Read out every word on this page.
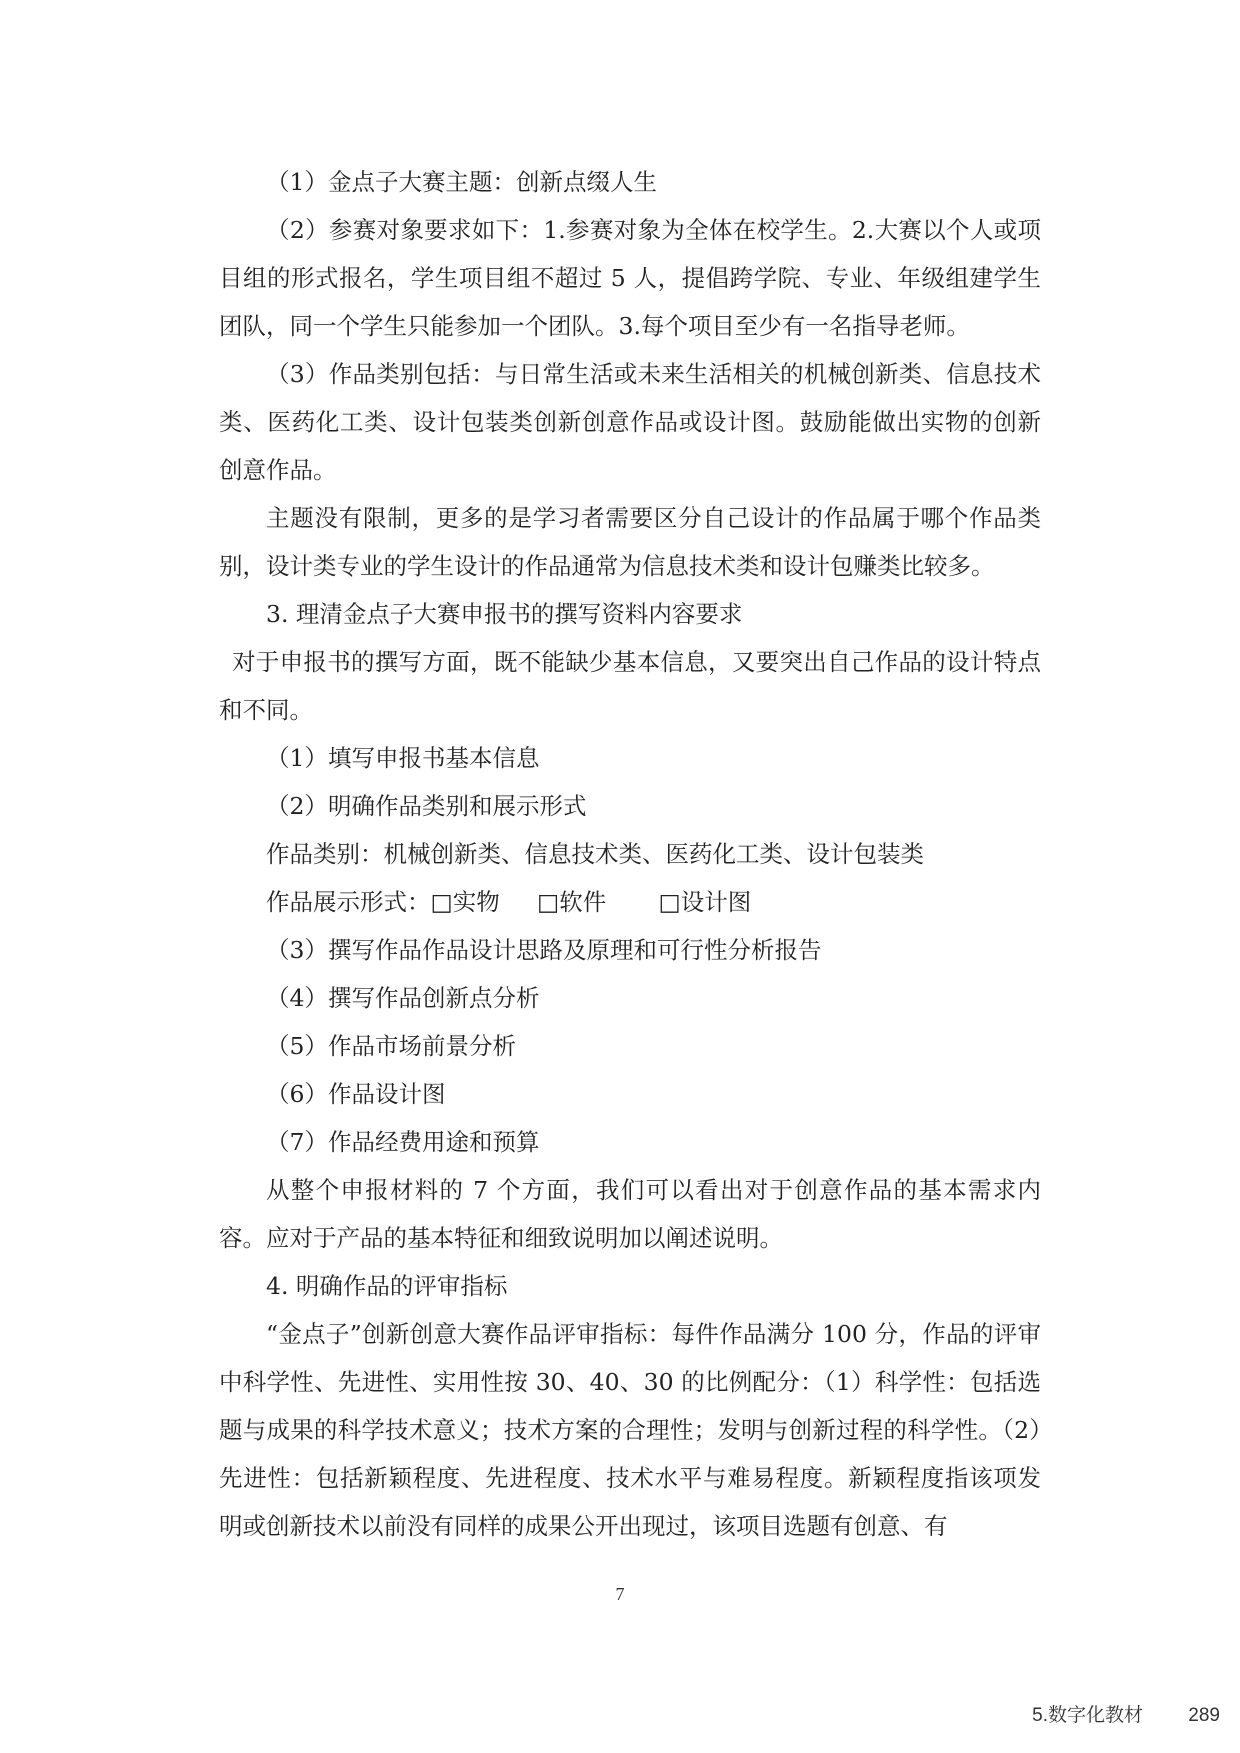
（1）金点子大赛主题：创新点缀人生

（2）参赛对象要求如下：1.参赛对象为全体在校学生。2.大赛以个人或项目组的形式报名，学生项目组不超过 5 人，提倡跨学院、专业、年级组建学生团队，同一个学生只能参加一个团队。3.每个项目至少有一名指导老师。

（3）作品类别包括：与日常生活或未来生活相关的机械创新类、信息技术类、医药化工类、设计包装类创新创意作品或设计图。鼓励能做出实物的创新创意作品。

主题没有限制，更多的是学习者需要区分自己设计的作品属于哪个作品类别，设计类专业的学生设计的作品通常为信息技术类和设计包赚类比较多。

3. 理清金点子大赛申报书的撰写资料内容要求

对于申报书的撰写方面，既不能缺少基本信息，又要突出自己作品的设计特点和不同。

（1）填写申报书基本信息

（2）明确作品类别和展示形式

作品类别：机械创新类、信息技术类、医药化工类、设计包装类

作品展示形式：□实物     □软件       □设计图

（3）撰写作品作品设计思路及原理和可行性分析报告

（4）撰写作品创新点分析

（5）作品市场前景分析

（6）作品设计图

（7）作品经费用途和预算

从整个申报材料的 7 个方面，我们可以看出对于创意作品的基本需求内容。应对于产品的基本特征和细致说明加以阐述说明。

4. 明确作品的评审指标

“金点子”创新创意大赛作品评审指标：每件作品满分 100 分，作品的评审中科学性、先进性、实用性按 30、40、30 的比例配分：（1）科学性：包括选题与成果的科学技术意义；技术方案的合理性；发明与创新过程的科学性。（2）先进性：包括新颖程度、先进程度、技术水平与难易程度。新颖程度指该项发明或创新技术以前没有同样的成果公开出现过，该项目选题有创意、有

7
5.数字化教材 289
